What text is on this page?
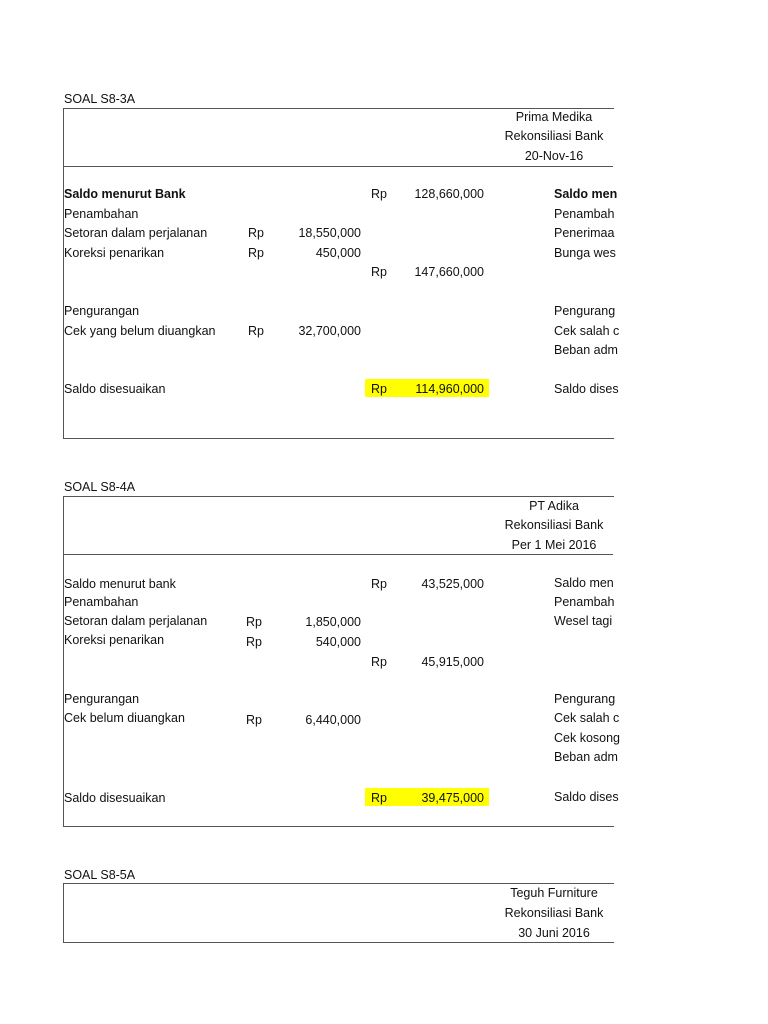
SOAL S8-3A
Prima Medika
Rekonsiliasi Bank
20-Nov-16
Saldo menurut Bank	Rp	128,660,000	Saldo men
Penambahan	Penambah
Setoran dalam perjalanan	Rp	18,550,000	Penerimaa
Koreksi penarikan	Rp	450,000	Bunga wes
Rp	147,660,000
Pengurangan	Pengurang
Cek yang belum diuangkan	Rp	32,700,000	Cek salah c
Beban adm
Saldo disesuaikan	Rp	114,960,000	Saldo dises
SOAL S8-4A
PT Adika
Rekonsiliasi Bank
Per 1 Mei 2016
Saldo menurut bank	Rp	43,525,000	Saldo men
Penambahan	Penambah
Setoran dalam perjalanan	Rp	1,850,000	Wesel tagi
Koreksi penarikan	Rp	540,000
Rp	45,915,000
Pengurangan	Pengurang
Cek belum diuangkan	Rp	6,440,000	Cek salah c
Cek kosong
Beban adm
Saldo disesuaikan	Rp	39,475,000	Saldo dises
SOAL S8-5A
Teguh Furniture
Rekonsiliasi Bank
30 Juni 2016
